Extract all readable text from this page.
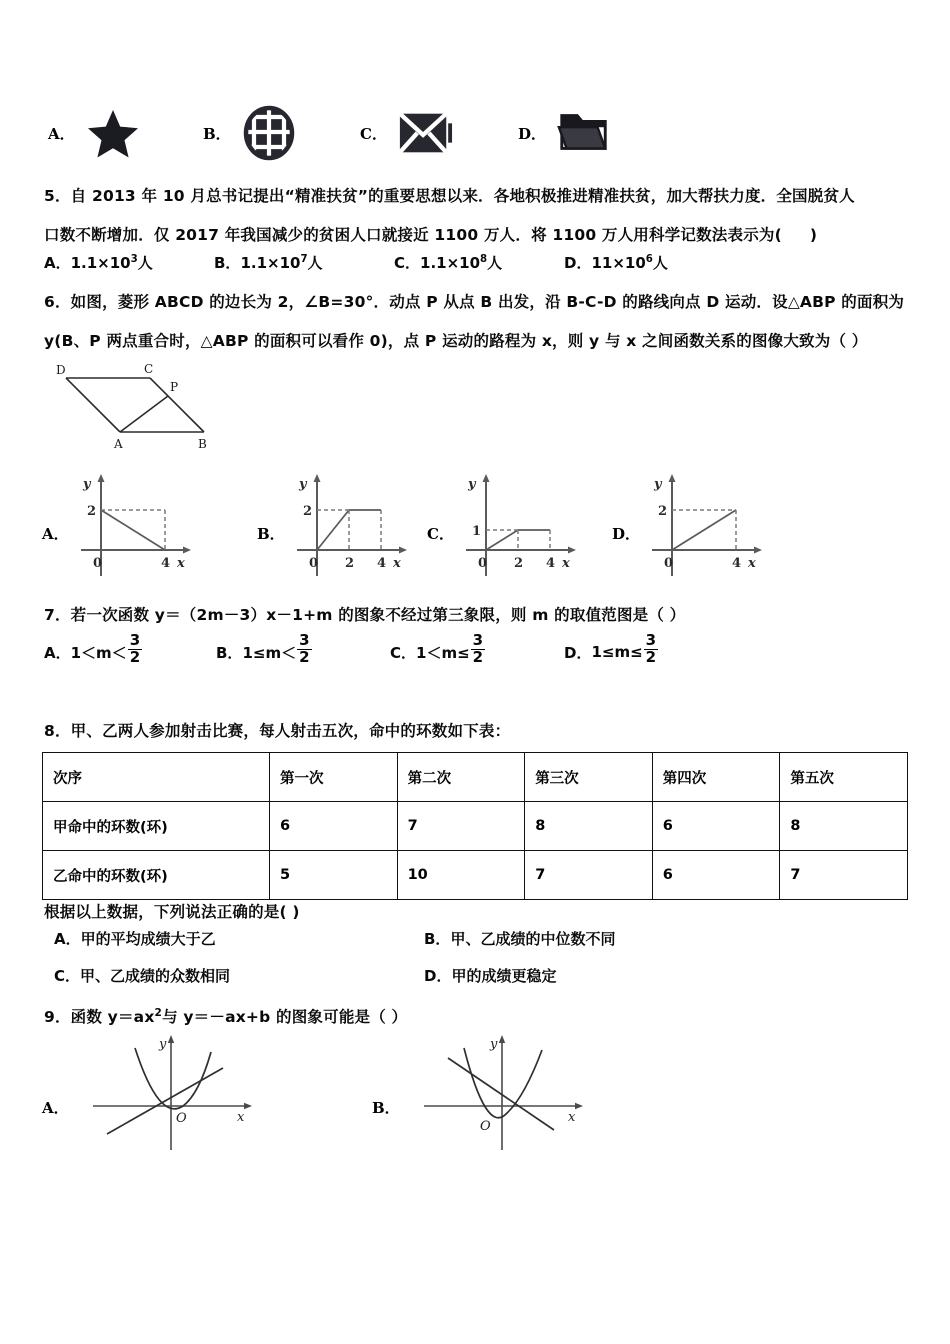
A．	B．	C．	D．
5．自 2013 年 10 月总书记提出“精准扶贫”的重要思想以来．各地积极推进精准扶贫，加大帮扶力度．全国脱贫人
口数不断增加．仅 2017 年我国减少的贫困人口就接近 1100 万人．将 1100 万人用科学记数法表示为( )
A．$1.1\times 10^3$人	B．$1.1\times 10^7$人	C．$1.1\times 10^8$人	D．$11\times 10^6$人
6．如图，菱形 ABCD 的边长为 2，∠B=30°．动点 P 从点 B 出发，沿 B-C-D 的路线向点 D 运动．设△ABP 的面积为
y(B、P 两点重合时，△ABP 的面积可以看作 0)，点 P 运动的路程为 x，则 y 与 x 之间函数关系的图像大致为（ ）
D	C
P
A	B
A．
2
0	4
y
x
B．
2
0 2 4
y
x
C． 1
0 2 4
y
x
D．
2
0	4
y
x
7．若一次函数 y＝（2m－3）x－1+m 的图象不经过第三象限，则 m 的取值范图是（ ）
A． $1<m< \frac{3}{2}$	B． $1\le m< \frac{3}{2}$	C． $1<m\le \frac{3}{2}$	D． $1\le m\le \frac{3}{2}$
8．甲、乙两人参加射击比赛，每人射击五次，命中的环数如下表：
次序	第一次	第二次	第三次	第四次	第五次
甲命中的环数(环)	6	7	8	6	8
乙命中的环数(环)	5	10	7	6	7
根据以上数据，下列说法正确的是( )
A．甲的平均成绩大于乙	B．甲、乙成绩的中位数不同
C．甲、乙成绩的众数相同	D．甲的成绩更稳定
9．函数 $y=ax^2$与 y＝－ax+b 的图象可能是（ ）
A．
y
x
O
B．
y
x
O
